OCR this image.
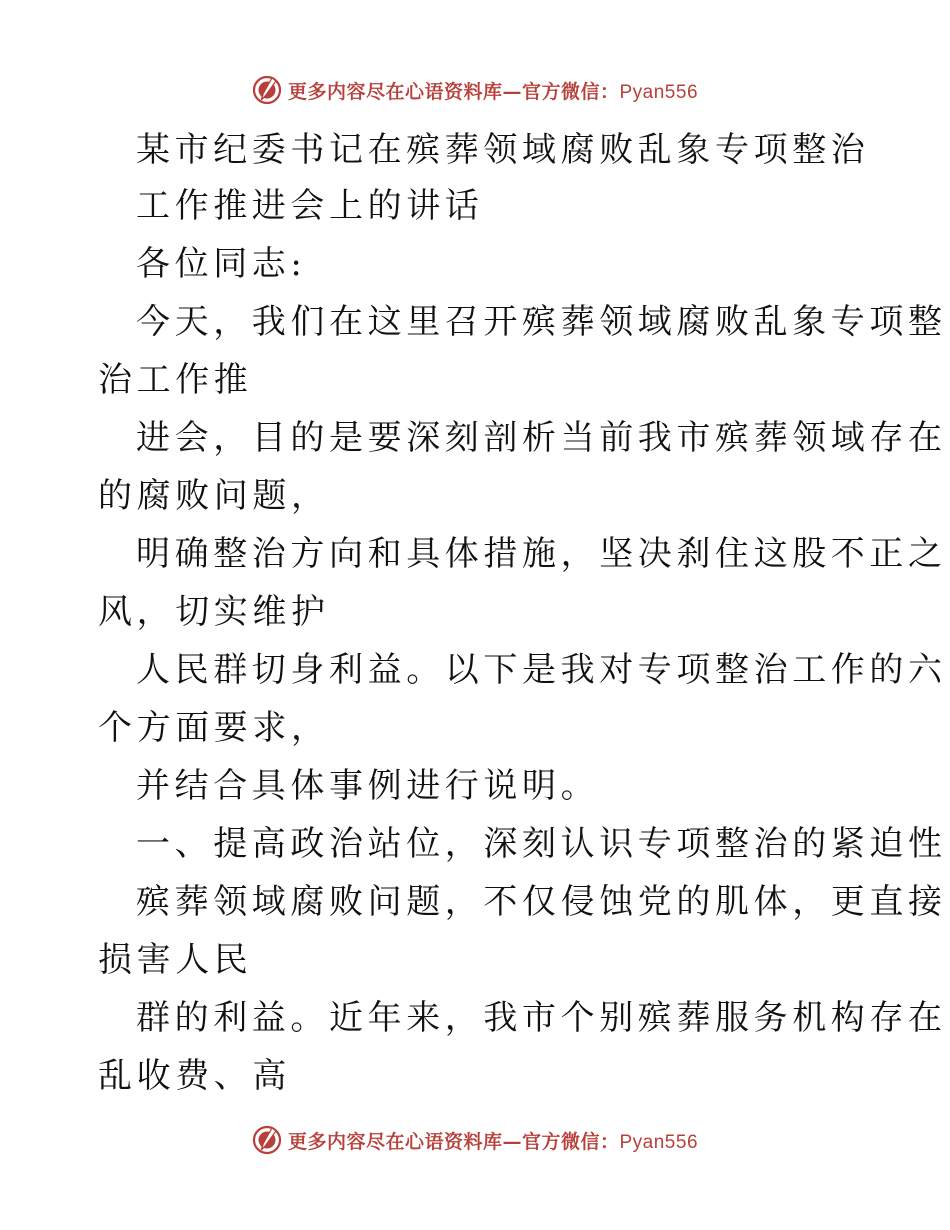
更多内容尽在心语资料库—官方微信：Pyan556
某市纪委书记在殡葬领域腐败乱象专项整治
工作推进会上的讲话
各位同志:
今天，我们在这里召开殡葬领域腐败乱象专项整
治工作推
进会，目的是要深刻剖析当前我市殡葬领域存在
的腐败问题，
明确整治方向和具体措施，坚决刹住这股不正之
风，切实维护
人民群切身利益。以下是我对专项整治工作的六
个方面要求，
并结合具体事例进行说明。
一、提高政治站位，深刻认识专项整治的紧迫性
殡葬领域腐败问题，不仅侵蚀党的肌体，更直接
损害人民
群的利益。近年来，我市个别殡葬服务机构存在
乱收费、高
更多内容尽在心语资料库—官方微信：Pyan556
